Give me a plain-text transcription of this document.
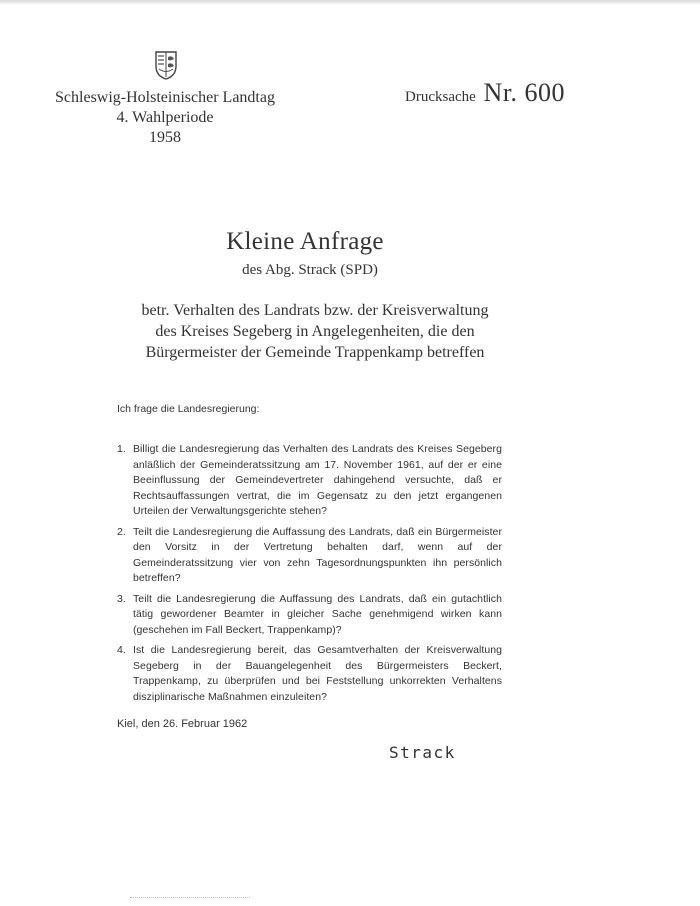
Schleswig-Holsteinischer Landtag
4. Wahlperiode
1958
Drucksache Nr. 600
Kleine Anfrage
des Abg. Strack (SPD)
betr. Verhalten des Landrats bzw. der Kreisverwaltung
des Kreises Segeberg in Angelegenheiten, die den
Bürgermeister der Gemeinde Trappenkamp betreffen
Ich frage die Landesregierung:
1. Billigt die Landesregierung das Verhalten des Landrats des Kreises Segeberg anläßlich der Gemeinderatssitzung am 17. November 1961, auf der er eine Beeinflussung der Gemeindevertreter dahingehend versuchte, daß er Rechtsauffassungen vertrat, die im Gegensatz zu den jetzt ergangenen Urteilen der Verwaltungsgerichte stehen?
2. Teilt die Landesregierung die Auffassung des Landrats, daß ein Bürgermeister den Vorsitz in der Vertretung behalten darf, wenn auf der Gemeinderatssitzung vier von zehn Tagesordnungspunkten ihn persönlich betreffen?
3. Teilt die Landesregierung die Auffassung des Landrats, daß ein gutachtlich tätig gewordener Beamter in gleicher Sache genehmigend wirken kann (geschehen im Fall Beckert, Trappenkamp)?
4. Ist die Landesregierung bereit, das Gesamtverhalten der Kreisverwaltung Segeberg in der Bauangelegenheit des Bürgermeisters Beckert, Trappenkamp, zu überprüfen und bei Feststellung unkorrekten Verhaltens disziplinarische Maßnahmen einzuleiten?
Kiel, den 26. Februar 1962
Strack
